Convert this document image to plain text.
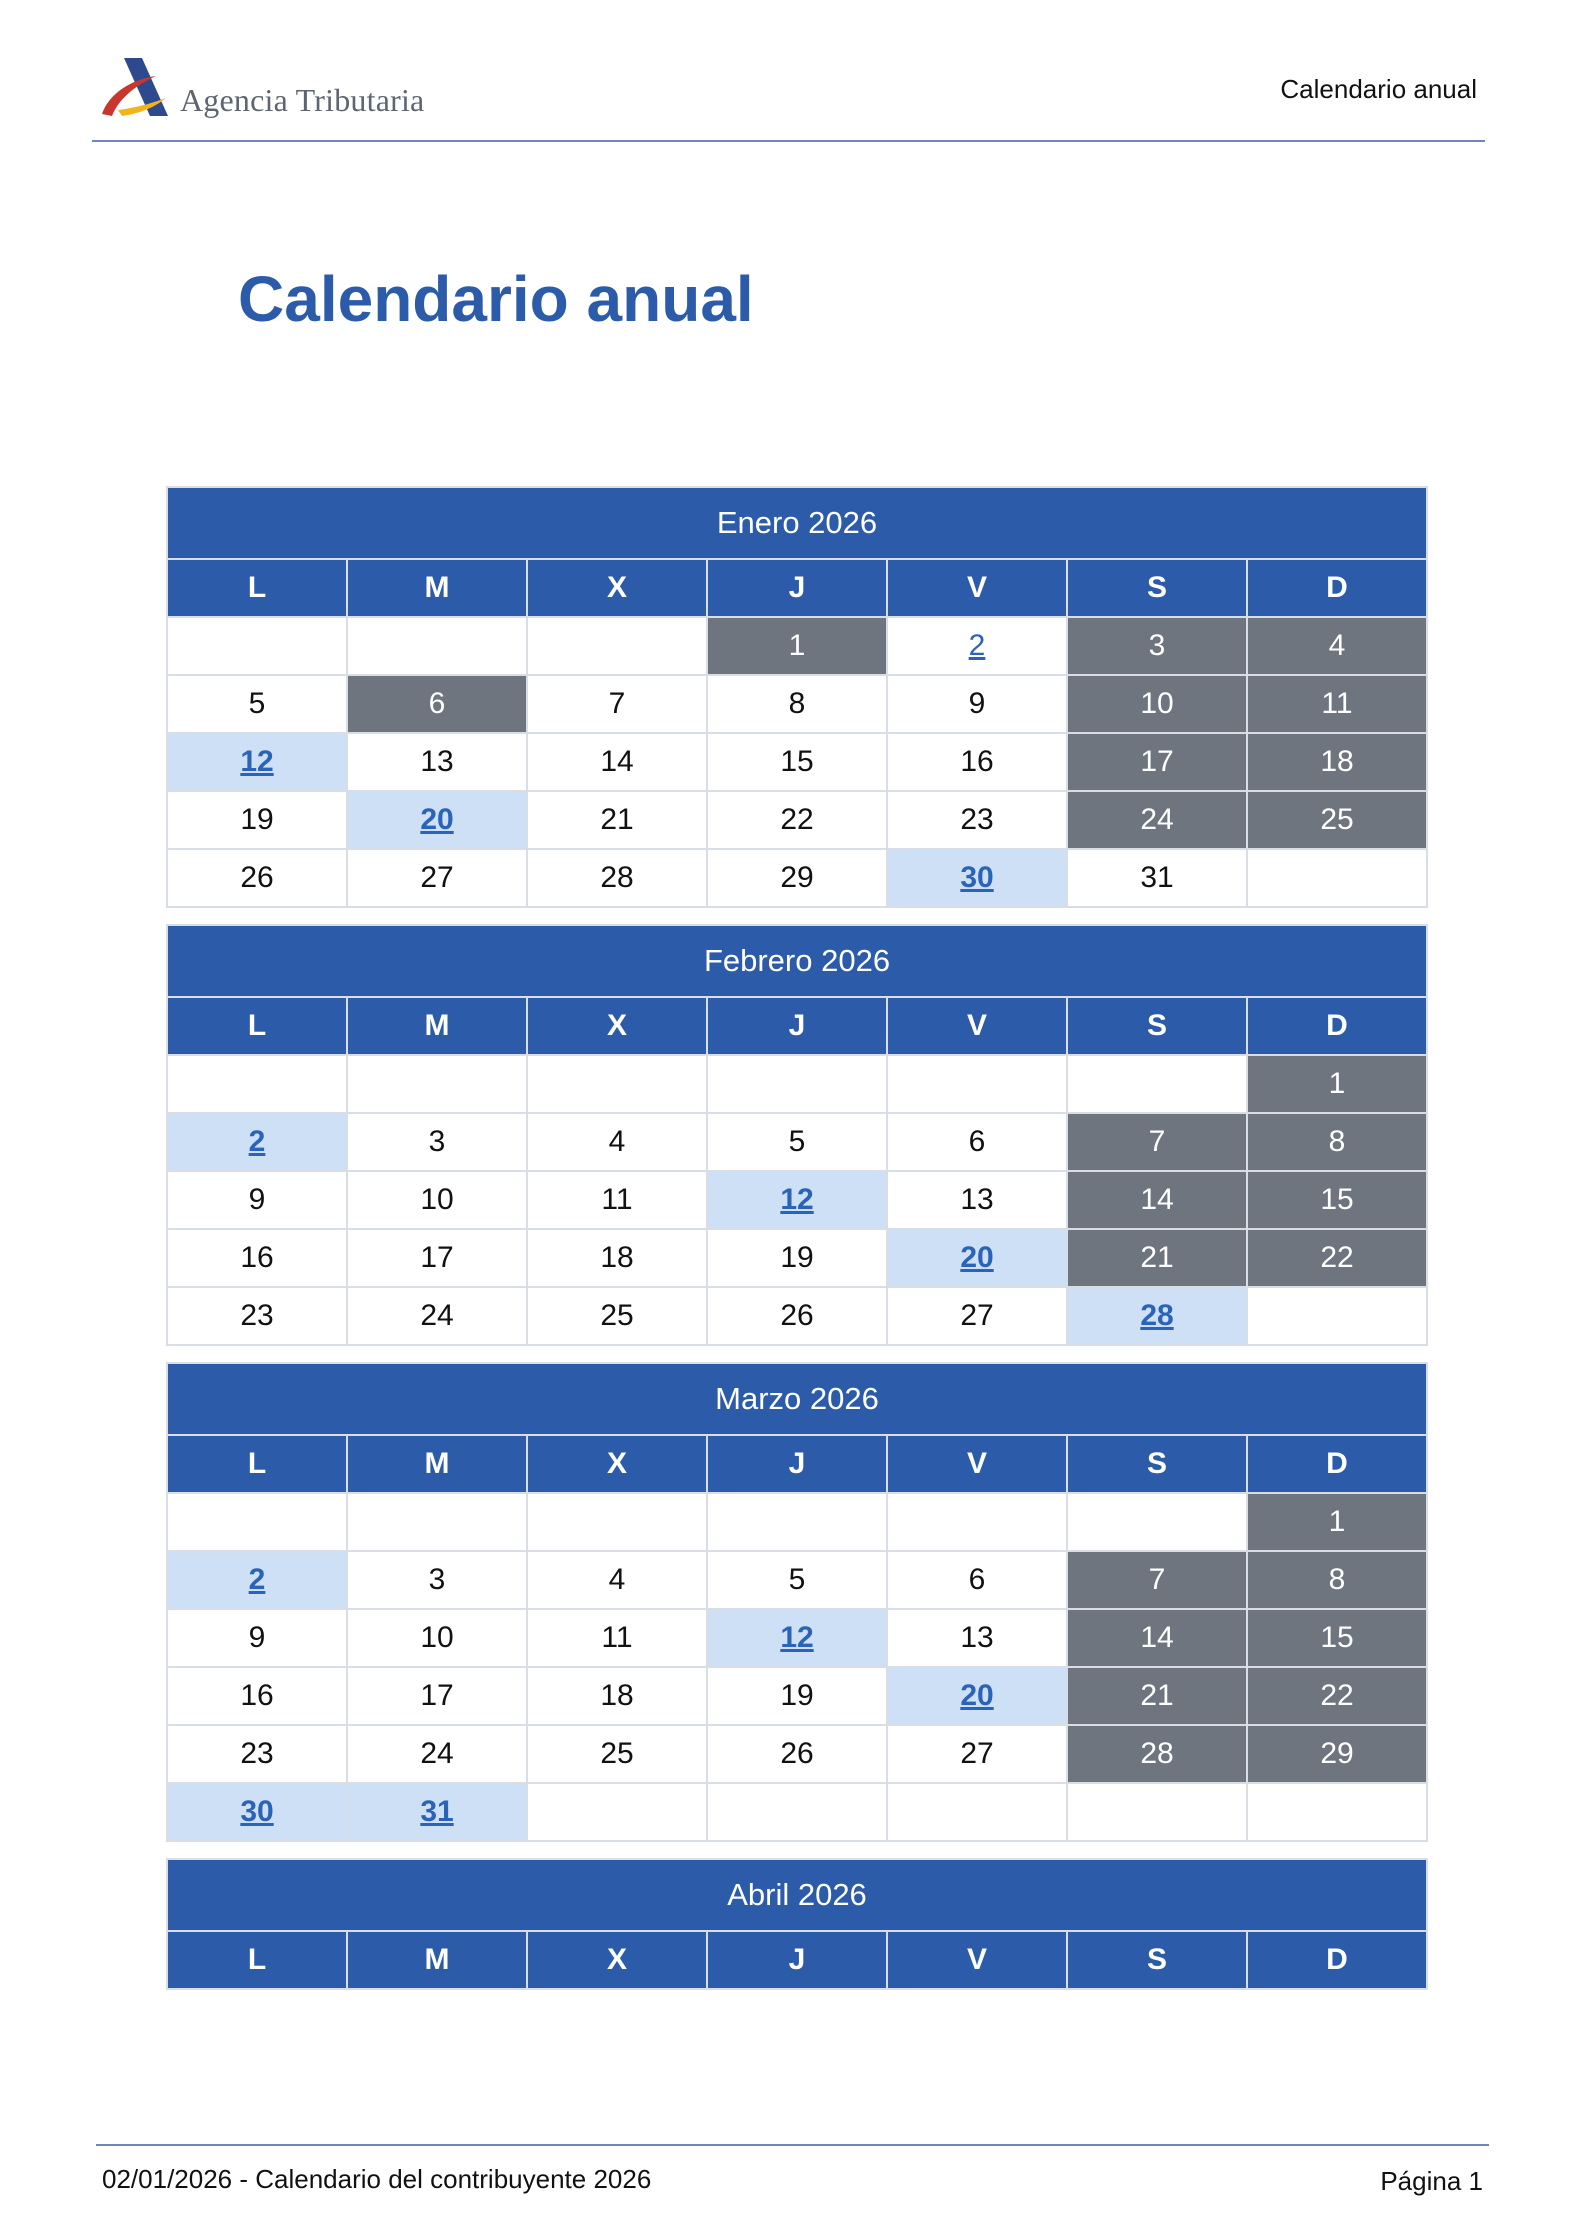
Agencia Tributaria	Calendario anual
Calendario anual
Enero 2026						
L	M	X	J	V	S	D
			1	2	3	4
5	6	7	8	9	10	11
12	13	14	15	16	17	18
19	20	21	22	23	24	25
26	27	28	29	30	31	
Febrero 2026						
L	M	X	J	V	S	D
						1
2	3	4	5	6	7	8
9	10	11	12	13	14	15
16	17	18	19	20	21	22
23	24	25	26	27	28	
Marzo 2026						
L	M	X	J	V	S	D
						1
2	3	4	5	6	7	8
9	10	11	12	13	14	15
16	17	18	19	20	21	22
23	24	25	26	27	28	29
30	31					
Abril 2026
L	M	X	J	V	S	D
02/01/2026 - Calendario del contribuyente 2026	Página 1
